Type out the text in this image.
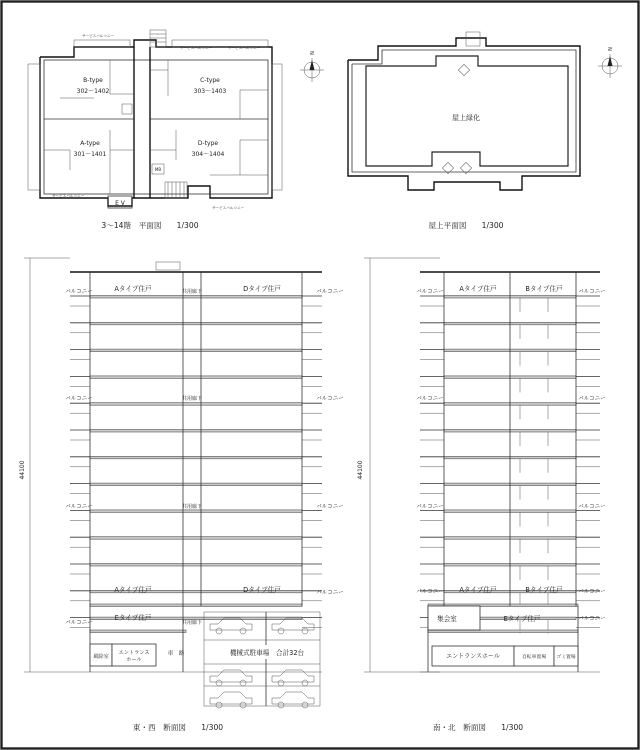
E V
MB
B-type
302～1402
C-type
303～1403
A-type
301～1401
D-type
304～1404
サービスバルコニー
サービスバルコニー	サービスバルコニー
サービスバルコニー
サービスバルコニー
3～14階　平面図　　1/300
N
屋上緑化
屋上平面図　　1/300
N
44100
バルコニー
バルコニー
バルコニー
バルコニー
バルコニー
バルコニー
バルコニー
バルコニー
共用廊下
共用廊下
共用廊下
共用廊下
Aタイプ住戸	Dタイプ住戸
Aタイプ住戸	Dタイプ住戸
Eタイプ住戸
風除室
エントランス
ホール
車　路	機械式駐車場　合計32台
東・西　断面図　　1/300
44100
バルコニー
バルコニー
バルコニー
バルコニー
バルコニー
バルコニー
バルコニー
バルコニー
バルコニー
Aタイプ住戸	Bタイプ住戸
Aタイプ住戸	Bタイプ住戸
集会室	Eタイプ住戸
エントランスホール	自転車置場 ゴミ置場
南・北　断面図　　1/300
